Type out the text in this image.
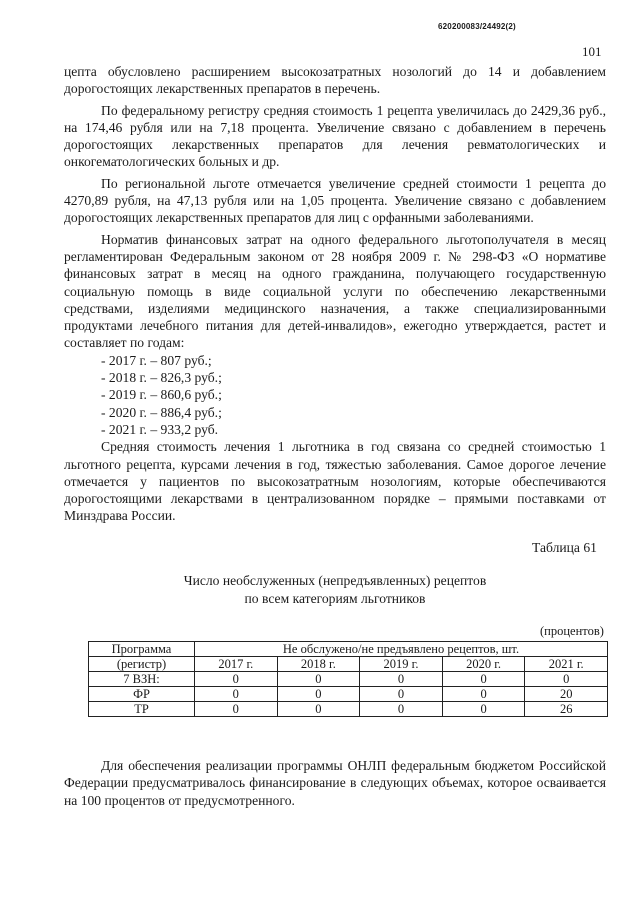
620200083/24492(2)
101

цепта обусловлено расширением высокозатратных нозологий до 14 и добавлением дорогостоящих лекарственных препаратов в перечень.

По федеральному регистру средняя стоимость 1 рецепта увеличилась до 2429,36 руб., на 174,46 рубля или на 7,18 процента. Увеличение связано с добавлением в перечень дорогостоящих лекарственных препаратов для лечения ревматологических и онкогематологических больных и др.

По региональной льготе отмечается увеличение средней стоимости 1 рецепта до 4270,89 рубля, на 47,13 рубля или на 1,05 процента. Увеличение связано с добавлением дорогостоящих лекарственных препаратов для лиц с орфанными заболеваниями.

Норматив финансовых затрат на одного федерального льготополучателя в месяц регламентирован Федеральным законом от 28 ноября 2009 г. № 298-ФЗ «О нормативе финансовых затрат в месяц на одного гражданина, получающего государственную социальную помощь в виде социальной услуги по обеспечению лекарственными средствами, изделиями медицинского назначения, а также специализированными продуктами лечебного питания для детей-инвалидов», ежегодно утверждается, растет и составляет по годам:

- 2017 г. – 807 руб.;
- 2018 г. – 826,3 руб.;
- 2019 г. – 860,6 руб.;
- 2020 г. – 886,4 руб.;
- 2021 г. – 933,2 руб.

Средняя стоимость лечения 1 льготника в год связана со средней стоимостью 1 льготного рецепта, курсами лечения в год, тяжестью заболевания. Самое дорогое лечение отмечается у пациентов по высокозатратным нозологиям, которые обеспечиваются дорогостоящими лекарствами в централизованном порядке – прямыми поставками от Минздрава России.

Таблица 61
Число необслуженных (непредъявленных) рецептов
по всем категориям льготников
(процентов)
Программа	Не обслужено/не предъявлено рецептов, шт.				
(регистр)	2017 г.	2018 г.	2019 г.	2020 г.	2021 г.
7 ВЗН:	0	0	0	0	0
ФР	0	0	0	0	20
ТР	0	0	0	0	26

Для обеспечения реализации программы ОНЛП федеральным бюджетом Российской Федерации предусматривалось финансирование в следующих объемах, которое осваивается на 100 процентов от предусмотренного.
